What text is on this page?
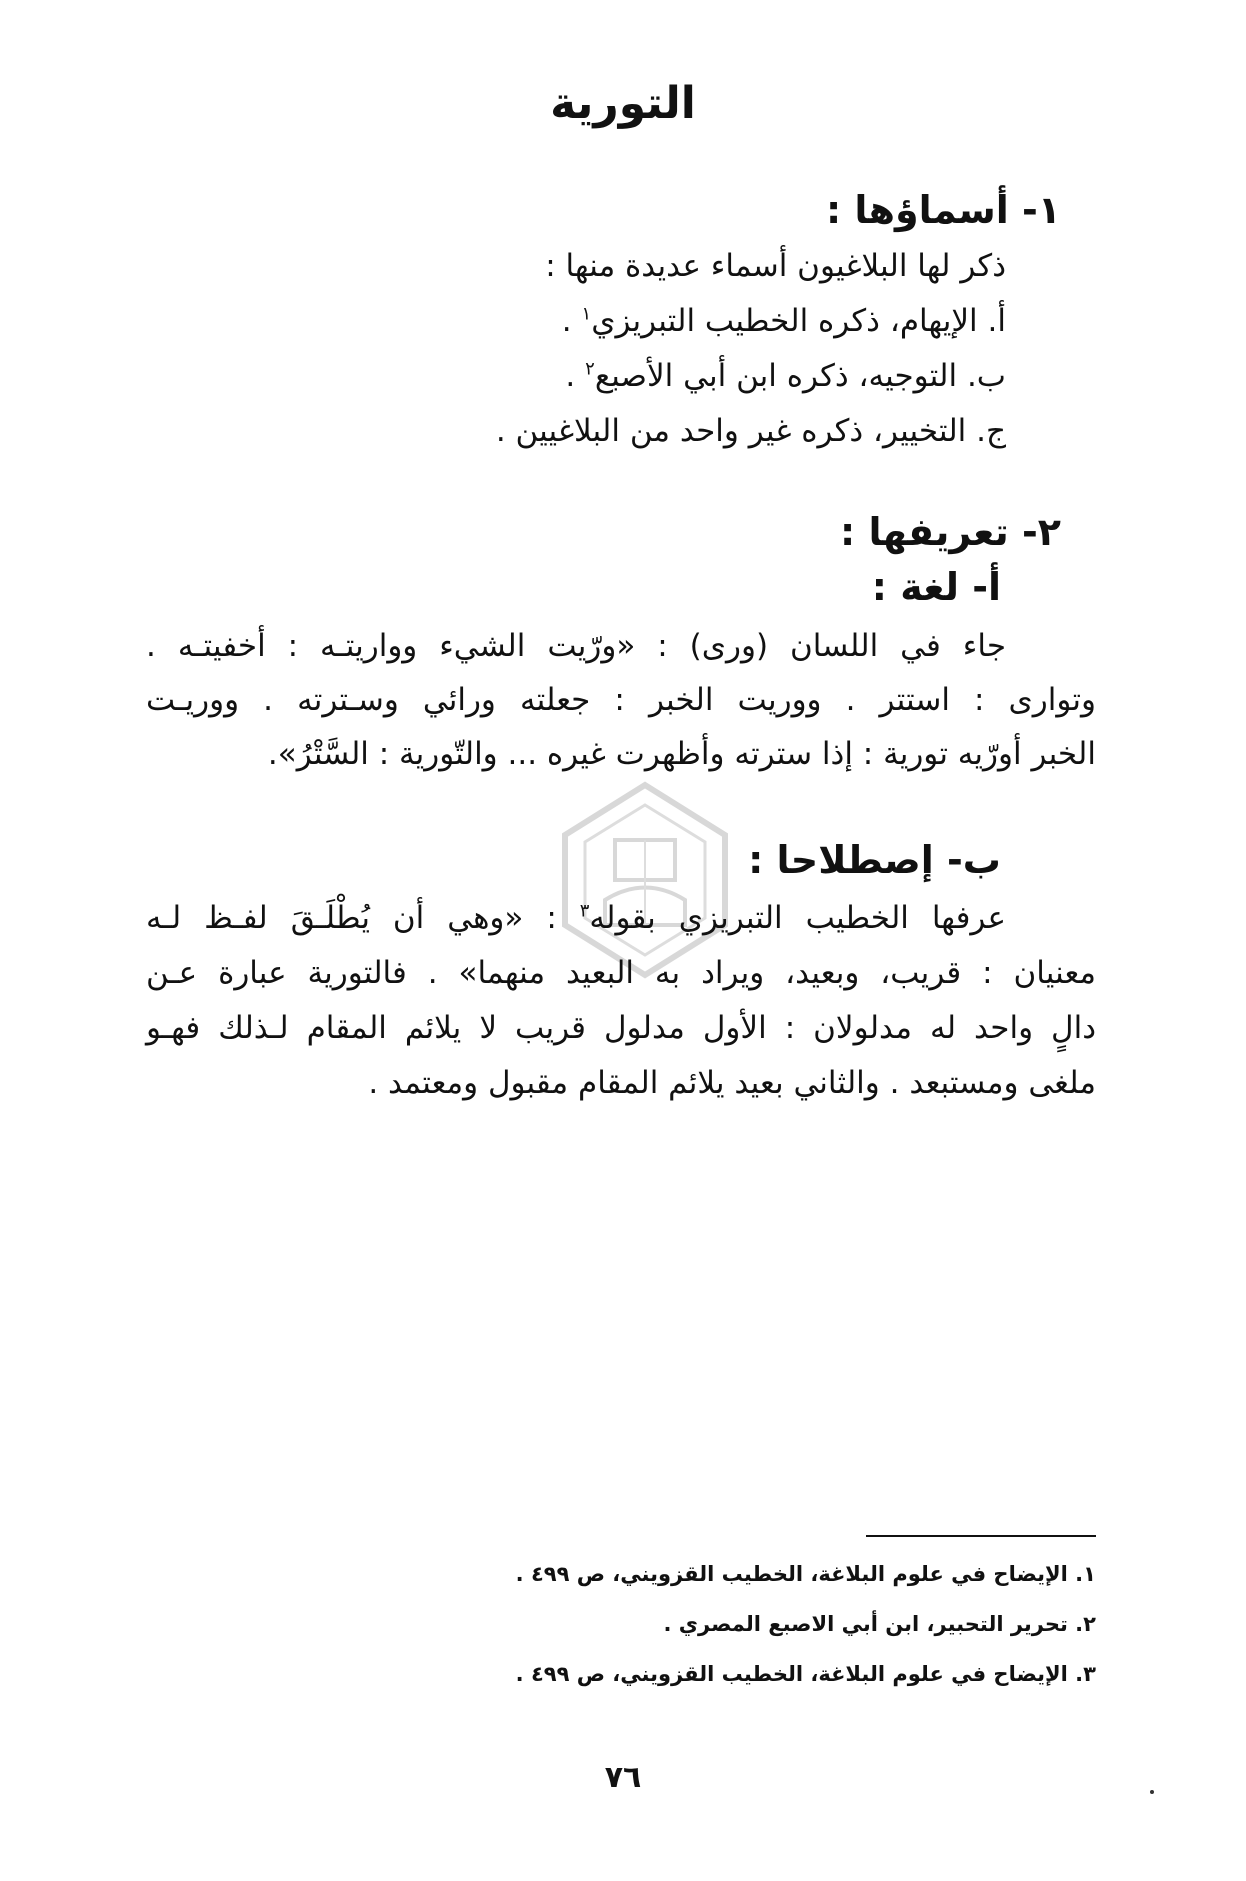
التورية

١- أسماؤها :

ذكر لها البلاغيون أسماء عديدة منها :

أ. الإيهام، ذكره الخطيب التبريزي$^١$ .

ب. التوجيه، ذكره ابن أبي الأصبع$^٢$ .

ج. التخيير، ذكره غير واحد من البلاغيين .

٢- تعريفها :

أ- لغة :

جاء في اللسان (ورى) : «ورّيت الشيء وواريتـه : أخفيتـه .

وتوارى : استتر . ووريت الخبر : جعلته ورائي وسـترته . ووريـت

الخبر أورّيه تورية : إذا سترته وأظهرت غيره ... والتّورية : السَّتْرُ».

ب- إصطلاحا :

عرفها الخطيب التبريزي بقوله$^٣$ : «وهي أن يُطْلَـقَ لفـظ لـه

معنيان : قريب، وبعيد، ويراد به البعيد منهما» . فالتورية عبارة عـن

دالٍ واحد له مدلولان : الأول مدلول قريب لا يلائم المقام لـذلك فهـو

ملغى ومستبعد . والثاني بعيد يلائم المقام مقبول ومعتمد .

١. الإيضاح في علوم البلاغة، الخطيب القزويني، ص ٤٩٩ .

٢. تحرير التحبير، ابن أبي الاصبع المصري .

٣. الإيضاح في علوم البلاغة، الخطيب القزويني، ص ٤٩٩ .

٧٦
